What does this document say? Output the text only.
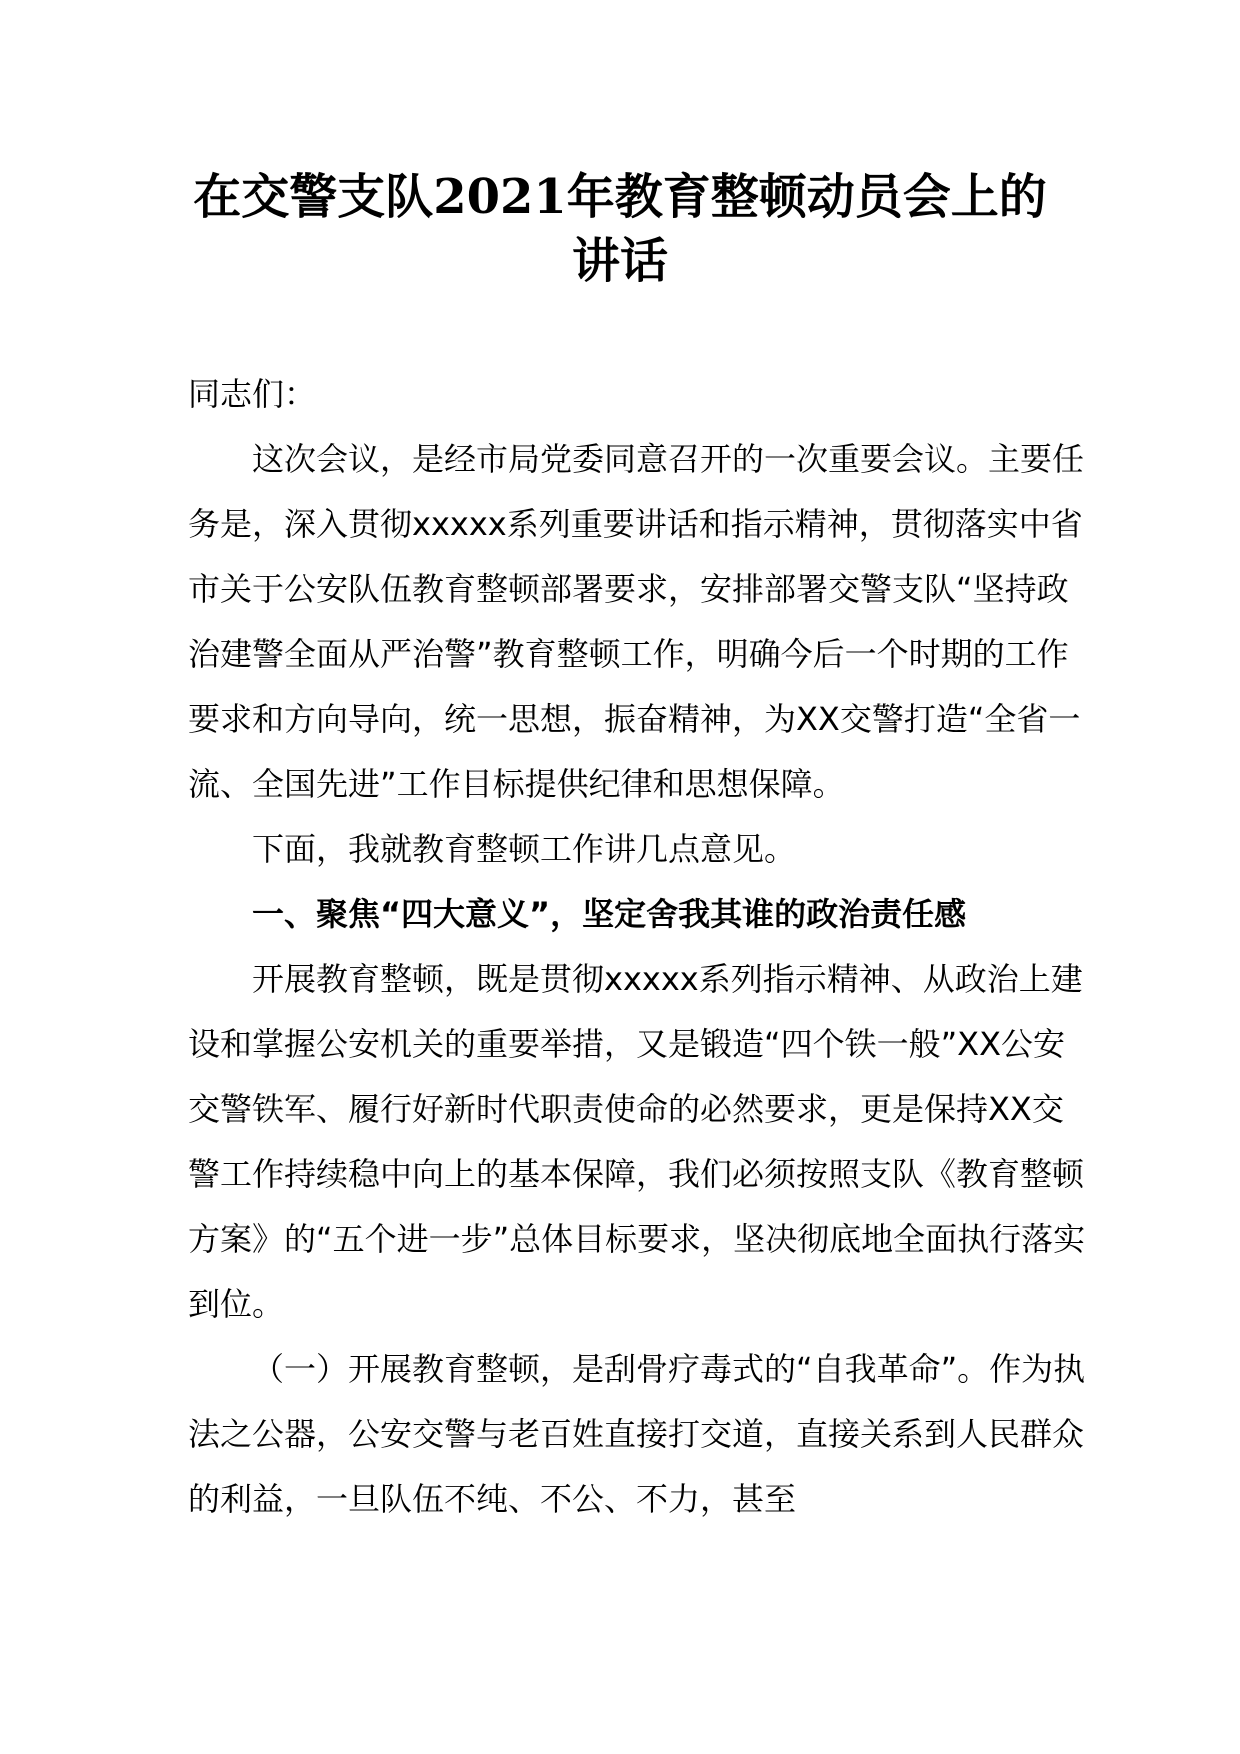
在交警支队2021年教育整顿动员会上的讲话

同志们：

这次会议，是经市局党委同意召开的一次重要会议。主要任务是，深入贯彻xxxxx系列重要讲话和指示精神，贯彻落实中省市关于公安队伍教育整顿部署要求，安排部署交警支队“坚持政治建警全面从严治警”教育整顿工作，明确今后一个时期的工作要求和方向导向，统一思想，振奋精神，为XX交警打造“全省一流、全国先进”工作目标提供纪律和思想保障。

下面，我就教育整顿工作讲几点意见。

一、聚焦“四大意义”，坚定舍我其谁的政治责任感

开展教育整顿，既是贯彻xxxxx系列指示精神、从政治上建设和掌握公安机关的重要举措，又是锻造“四个铁一般”XX公安交警铁军、履行好新时代职责使命的必然要求，更是保持XX交警工作持续稳中向上的基本保障，我们必须按照支队《教育整顿方案》的“五个进一步”总体目标要求，坚决彻底地全面执行落实到位。

（一）开展教育整顿，是刮骨疗毒式的“自我革命”。作为执法之公器，公安交警与老百姓直接打交道，直接关系到人民群众的利益，一旦队伍不纯、不公、不力，甚至
